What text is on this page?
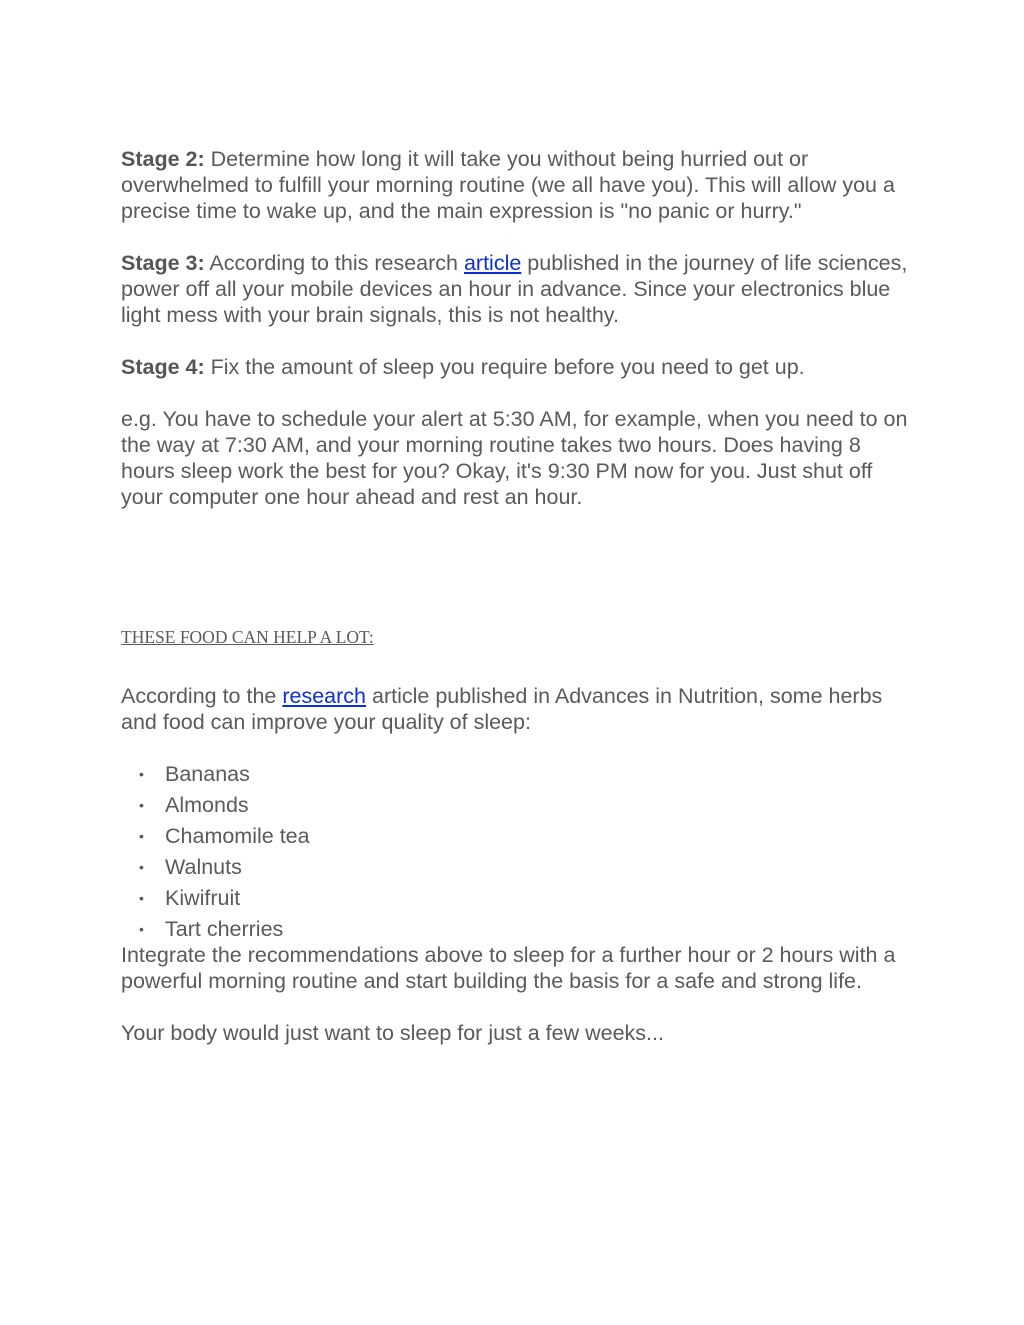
Stage 2: Determine how long it will take you without being hurried out or overwhelmed to fulfill your morning routine (we all have you). This will allow you a precise time to wake up, and the main expression is "no panic or hurry."

Stage 3: According to this research article published in the journey of life sciences, power off all your mobile devices an hour in advance. Since your electronics blue light mess with your brain signals, this is not healthy.

Stage 4: Fix the amount of sleep you require before you need to get up.

e.g. You have to schedule your alert at 5:30 AM, for example, when you need to on the way at 7:30 AM, and your morning routine takes two hours. Does having 8 hours sleep work the best for you? Okay, it's 9:30 PM now for you. Just shut off your computer one hour ahead and rest an hour.

THESE FOOD CAN HELP A LOT:

According to the research article published in Advances in Nutrition, some herbs and food can improve your quality of sleep:

• Bananas
• Almonds
• Chamomile tea
• Walnuts
• Kiwifruit
• Tart cherries

Integrate the recommendations above to sleep for a further hour or 2 hours with a powerful morning routine and start building the basis for a safe and strong life.

Your body would just want to sleep for just a few weeks...
